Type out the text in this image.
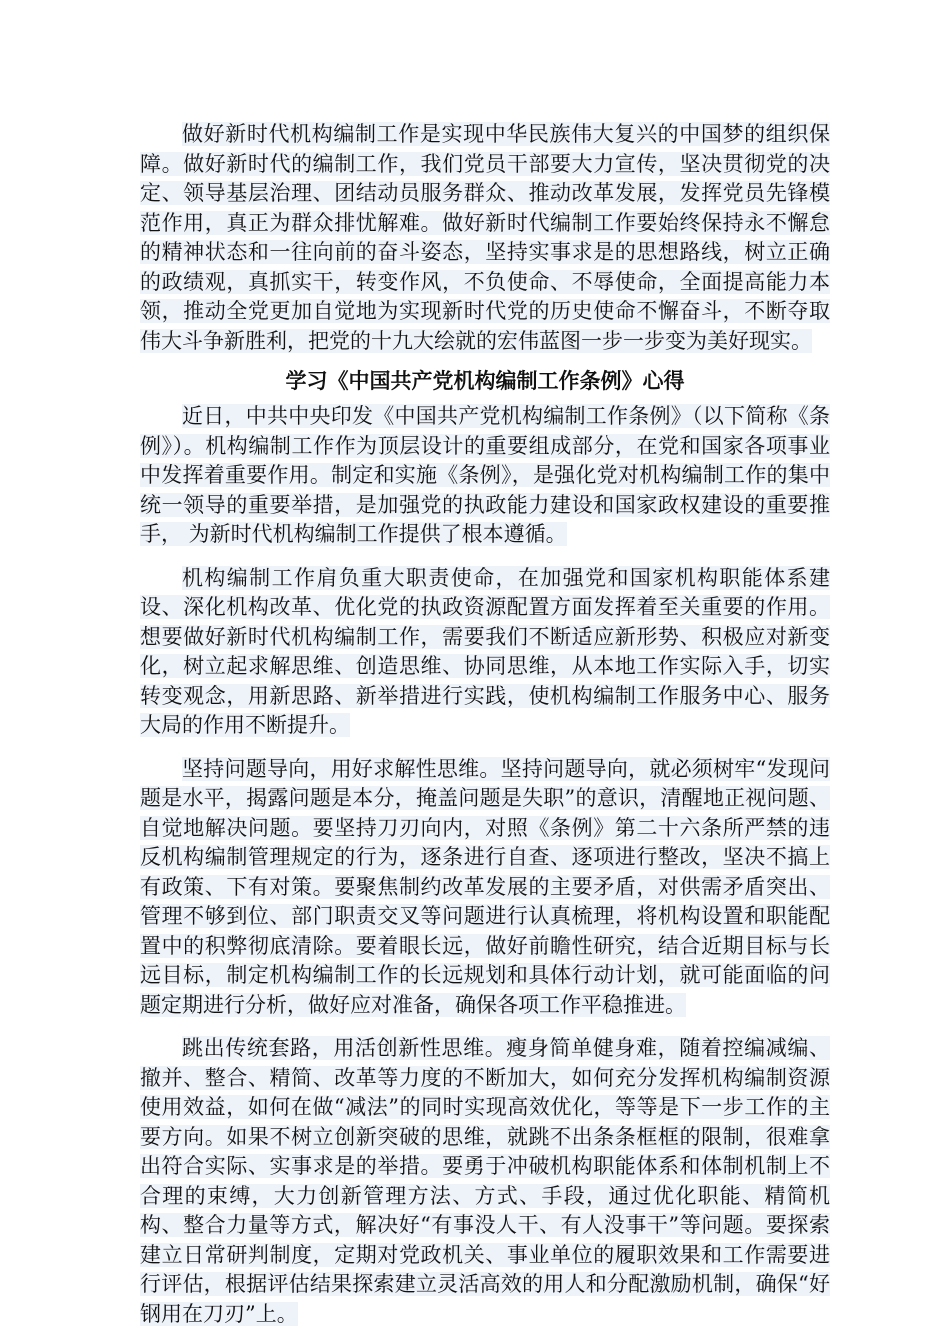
做好新时代机构编制工作是实现中华民族伟大复兴的中国梦的组织保障。做好新时代的编制工作，我们党员干部要大力宣传，坚决贯彻党的决定、领导基层治理、团结动员服务群众、推动改革发展，发挥党员先锋模范作用，真正为群众排忧解难。做好新时代编制工作要始终保持永不懈怠的精神状态和一往向前的奋斗姿态，坚持实事求是的思想路线，树立正确的政绩观，真抓实干，转变作风，不负使命、不辱使命，全面提高能力本领，推动全党更加自觉地为实现新时代党的历史使命不懈奋斗，不断夺取伟大斗争新胜利，把党的十九大绘就的宏伟蓝图一步一步变为美好现实。

学习《中国共产党机构编制工作条例》心得

近日，中共中央印发《中国共产党机构编制工作条例》（以下简称《条例》）。机构编制工作作为顶层设计的重要组成部分，在党和国家各项事业中发挥着重要作用。制定和实施《条例》，是强化党对机构编制工作的集中统一领导的重要举措，是加强党的执政能力建设和国家政权建设的重要推手， 为新时代机构编制工作提供了根本遵循。

机构编制工作肩负重大职责使命，在加强党和国家机构职能体系建设、深化机构改革、优化党的执政资源配置方面发挥着至关重要的作用。想要做好新时代机构编制工作，需要我们不断适应新形势、积极应对新变化，树立起求解思维、创造思维、协同思维，从本地工作实际入手，切实转变观念，用新思路、新举措进行实践，使机构编制工作服务中心、服务大局的作用不断提升。

坚持问题导向，用好求解性思维。坚持问题导向，就必须树牢“发现问题是水平，揭露问题是本分，掩盖问题是失职”的意识，清醒地正视问题、自觉地解决问题。要坚持刀刃向内，对照《条例》第二十六条所严禁的违反机构编制管理规定的行为，逐条进行自查、逐项进行整改，坚决不搞上有政策、下有对策。要聚焦制约改革发展的主要矛盾，对供需矛盾突出、管理不够到位、部门职责交叉等问题进行认真梳理，将机构设置和职能配置中的积弊彻底清除。要着眼长远，做好前瞻性研究，结合近期目标与长远目标，制定机构编制工作的长远规划和具体行动计划，就可能面临的问题定期进行分析，做好应对准备，确保各项工作平稳推进。

跳出传统套路，用活创新性思维。瘦身简单健身难，随着控编减编、撤并、整合、精简、改革等力度的不断加大，如何充分发挥机构编制资源使用效益，如何在做“减法”的同时实现高效优化，等等是下一步工作的主要方向。如果不树立创新突破的思维，就跳不出条条框框的限制，很难拿出符合实际、实事求是的举措。要勇于冲破机构职能体系和体制机制上不合理的束缚，大力创新管理方法、方式、手段，通过优化职能、精简机构、整合力量等方式，解决好“有事没人干、有人没事干”等问题。要探索建立日常研判制度，定期对党政机关、事业单位的履职效果和工作需要进行评估，根据评估结果探索建立灵活高效的用人和分配激励机制，确保“好钢用在刀刃”上。
